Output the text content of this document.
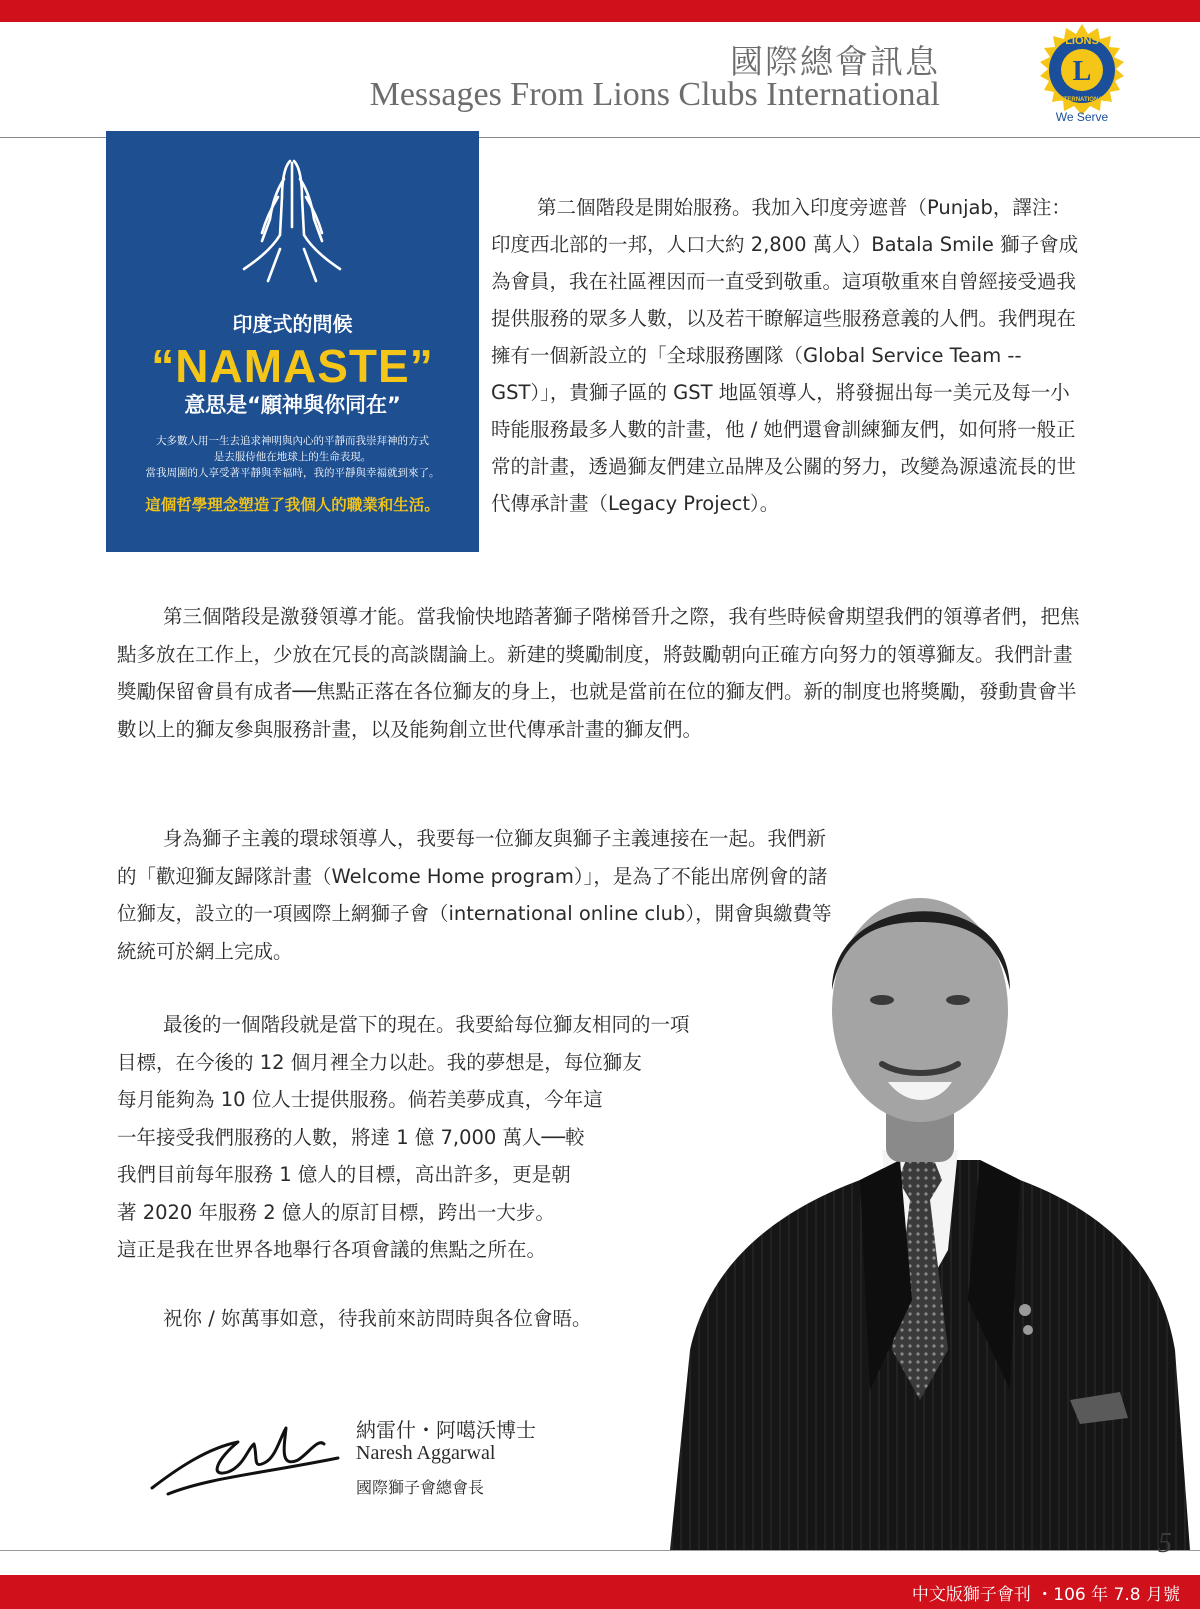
國際總會訊息
Messages From Lions Clubs International
LIONS
INTERNATIONAL
L
We Serve
印度式的問候
“NAMASTE”
意思是“願神與你同在”
大多數人用一生去追求神明與內心的平靜而我崇拜神的方式
是去服侍他在地球上的生命表現。
當我周圍的人享受著平靜與幸福時，我的平靜與幸福就到來了。
這個哲學理念塑造了我個人的職業和生活。

第二個階段是開始服務。我加入印度旁遮普（Punjab，譯注：印度西北部的一邦，人口大約 2,800 萬人）Batala Smile 獅子會成為會員，我在社區裡因而一直受到敬重。這項敬重來自曾經接受過我提供服務的眾多人數，以及若干瞭解這些服務意義的人們。我們現在擁有一個新設立的「全球服務團隊（Global Service Team -- GST）」，貴獅子區的 GST 地區領導人，將發掘出每一美元及每一小時能服務最多人數的計畫，他 / 她們還會訓練獅友們，如何將一般正常的計畫，透過獅友們建立品牌及公關的努力，改變為源遠流長的世代傳承計畫（Legacy Project）。

第三個階段是激發領導才能。當我愉快地踏著獅子階梯晉升之際，我有些時候會期望我們的領導者們，把焦點多放在工作上，少放在冗長的高談闊論上。新建的獎勵制度，將鼓勵朝向正確方向努力的領導獅友。我們計畫獎勵保留會員有成者──焦點正落在各位獅友的身上，也就是當前在位的獅友們。新的制度也將獎勵，發動貴會半數以上的獅友參與服務計畫，以及能夠創立世代傳承計畫的獅友們。

身為獅子主義的環球領導人，我要每一位獅友與獅子主義連接在一起。我們新的「歡迎獅友歸隊計畫（Welcome Home program）」，是為了不能出席例會的諸位獅友，設立的一項國際上網獅子會（international online club），開會與繳費等統統可於網上完成。

最後的一個階段就是當下的現在。我要給每位獅友相同的一項
目標，在今後的 12 個月裡全力以赴。我的夢想是，每位獅友
每月能夠為 10 位人士提供服務。倘若美夢成真，今年這
一年接受我們服務的人數，將達 1 億 7,000 萬人──較
我們目前每年服務 1 億人的目標，高出許多，更是朝
著 2020 年服務 2 億人的原訂目標，跨出一大步。
這正是我在世界各地舉行各項會議的焦點之所在。

祝你 / 妳萬事如意，待我前來訪問時與各位會晤。

納雷什・阿噶沃博士
Naresh Aggarwal
國際獅子會總會長
5
中文版獅子會刊 ・106 年 7.8 月號
